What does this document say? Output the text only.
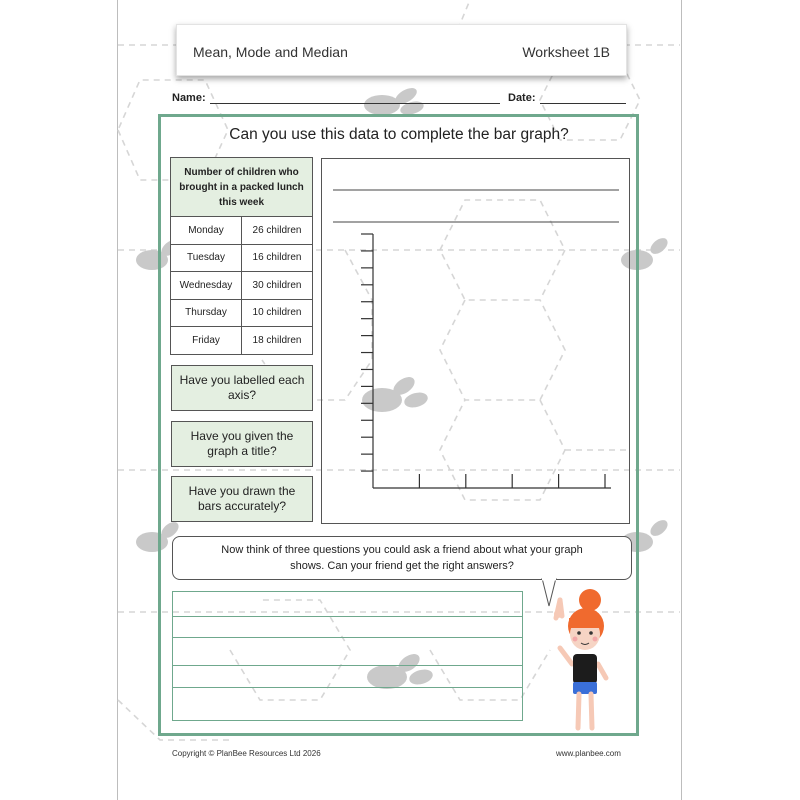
Mean, Mode and Median	Worksheet 1B
Name:	Date:
Can you use this data to complete the bar graph?
Number of children who brought in a packed lunch this week	
Monday	26 children
Tuesday	16 children
Wednesday	30 children
Thursday	10 children
Friday	18 children
Have you labelled each axis?
Have you given the graph a title?
Have you drawn the bars accurately?
Now think of three questions you could ask a friend about what your graph
shows. Can your friend get the right answers?
Copyright © PlanBee Resources Ltd 2026	www.planbee.com
